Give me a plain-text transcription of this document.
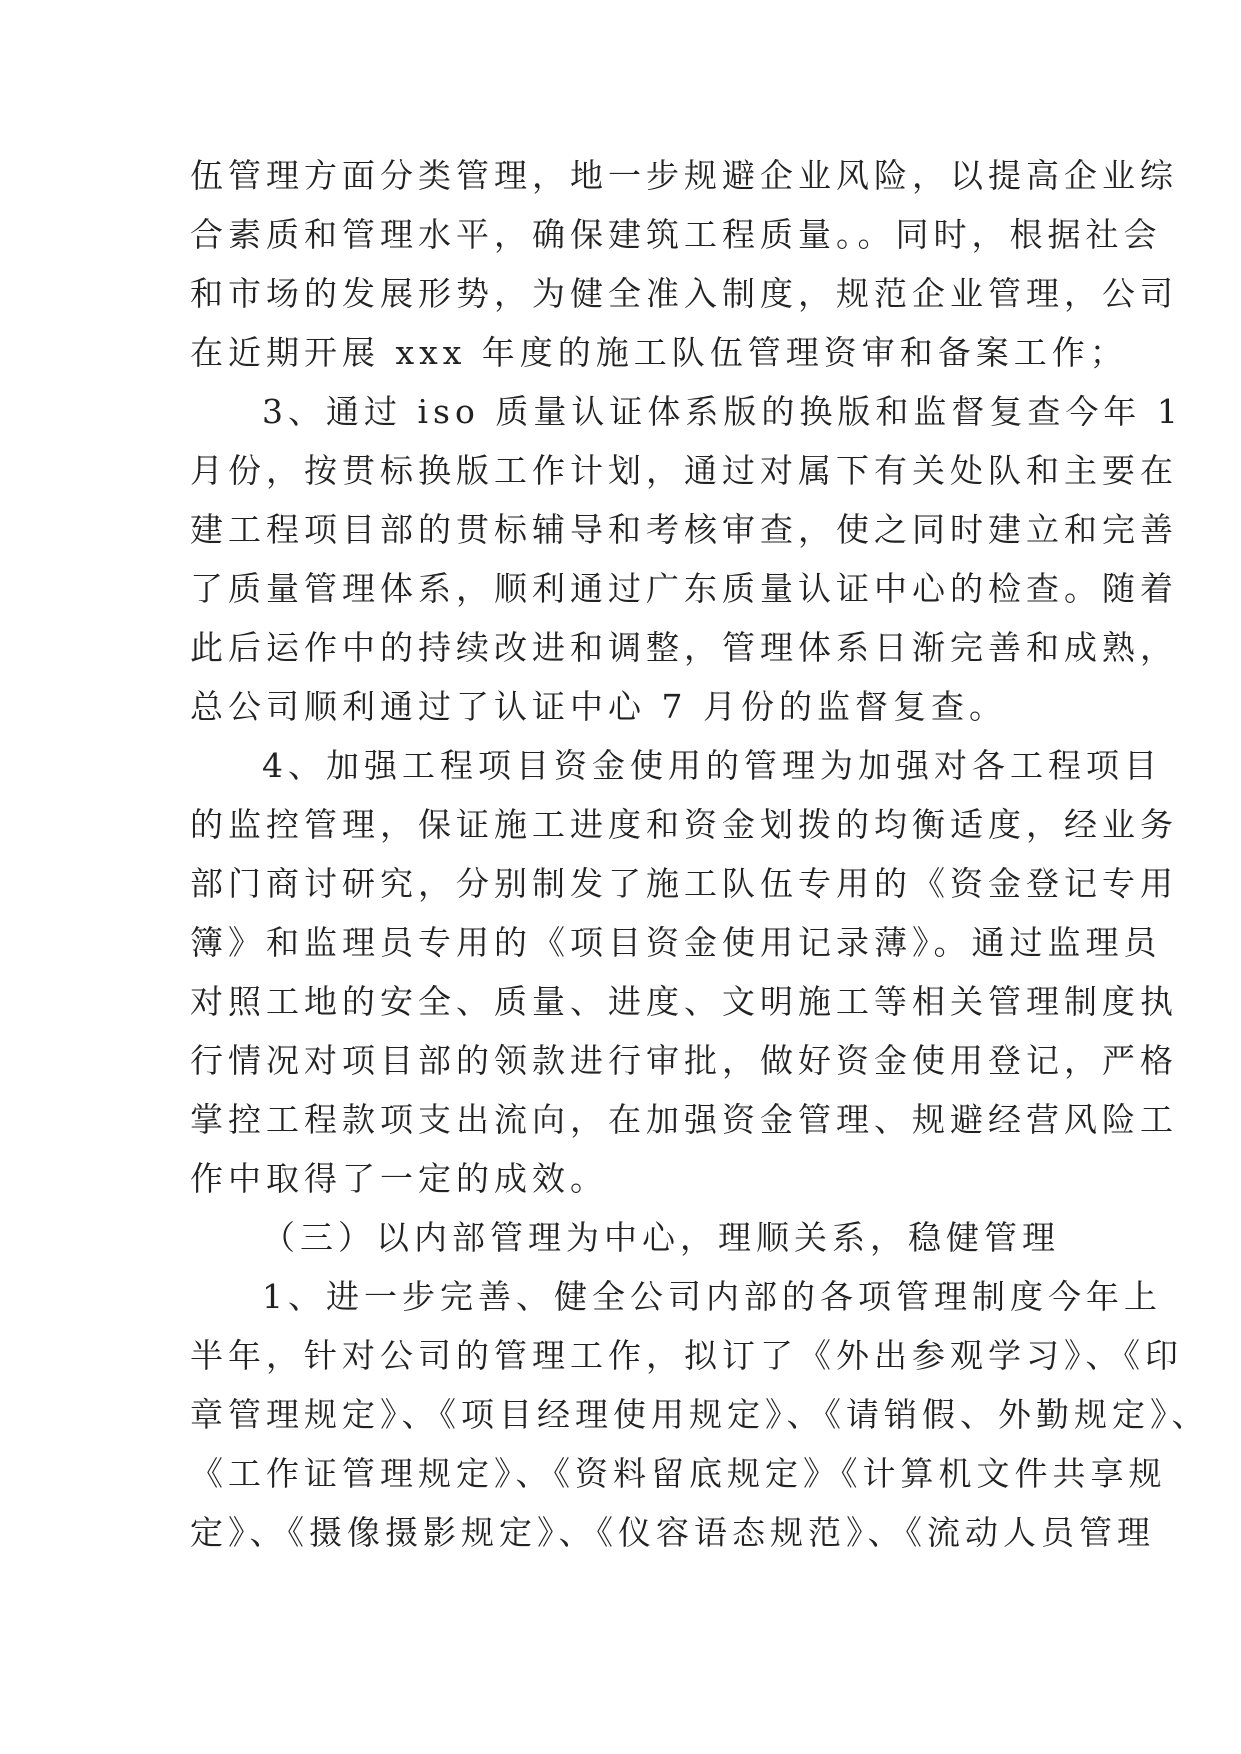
伍管理方面分类管理，地一步规避企业风险，以提高企业综
合素质和管理水平，确保建筑工程质量。。同时，根据社会
和市场的发展形势，为健全准入制度，规范企业管理，公司
在近期开展 xxx 年度的施工队伍管理资审和备案工作；
3、通过 iso 质量认证体系版的换版和监督复查今年 1
月份，按贯标换版工作计划，通过对属下有关处队和主要在
建工程项目部的贯标辅导和考核审查，使之同时建立和完善
了质量管理体系，顺利通过广东质量认证中心的检查。随着
此后运作中的持续改进和调整，管理体系日渐完善和成熟，
总公司顺利通过了认证中心 7 月份的监督复查。
4、加强工程项目资金使用的管理为加强对各工程项目
的监控管理，保证施工进度和资金划拨的均衡适度，经业务
部门商讨研究，分别制发了施工队伍专用的《资金登记专用
簿》和监理员专用的《项目资金使用记录薄》。通过监理员
对照工地的安全、质量、进度、文明施工等相关管理制度执
行情况对项目部的领款进行审批，做好资金使用登记，严格
掌控工程款项支出流向，在加强资金管理、规避经营风险工
作中取得了一定的成效。
（三）以内部管理为中心，理顺关系，稳健管理
1、进一步完善、健全公司内部的各项管理制度今年上
半年，针对公司的管理工作，拟订了《外出参观学习》、《印
章管理规定》、《项目经理使用规定》、《请销假、外勤规定》、
《工作证管理规定》、《资料留底规定》《计算机文件共享规
定》、《摄像摄影规定》、《仪容语态规范》、《流动人员管理
